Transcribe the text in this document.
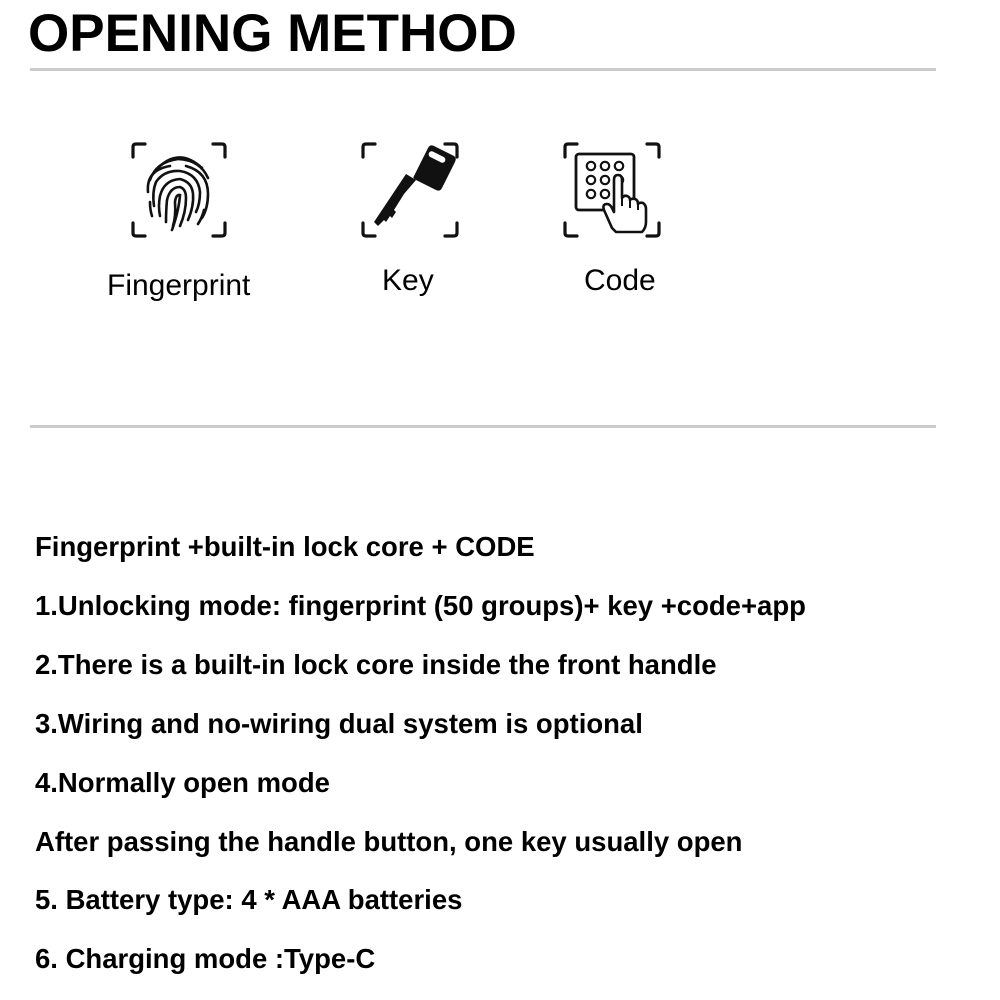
OPENING METHOD
Fingerprint	Key	Code
Fingerprint +built-in lock core + CODE
1.Unlocking mode: fingerprint (50 groups)+ key +code+app
2.There is a built-in lock core inside the front handle
3.Wiring and no-wiring dual system is optional
4.Normally open mode
After passing the handle button, one key usually open
5. Battery type: 4 * AAA batteries
6. Charging mode :Type-C
